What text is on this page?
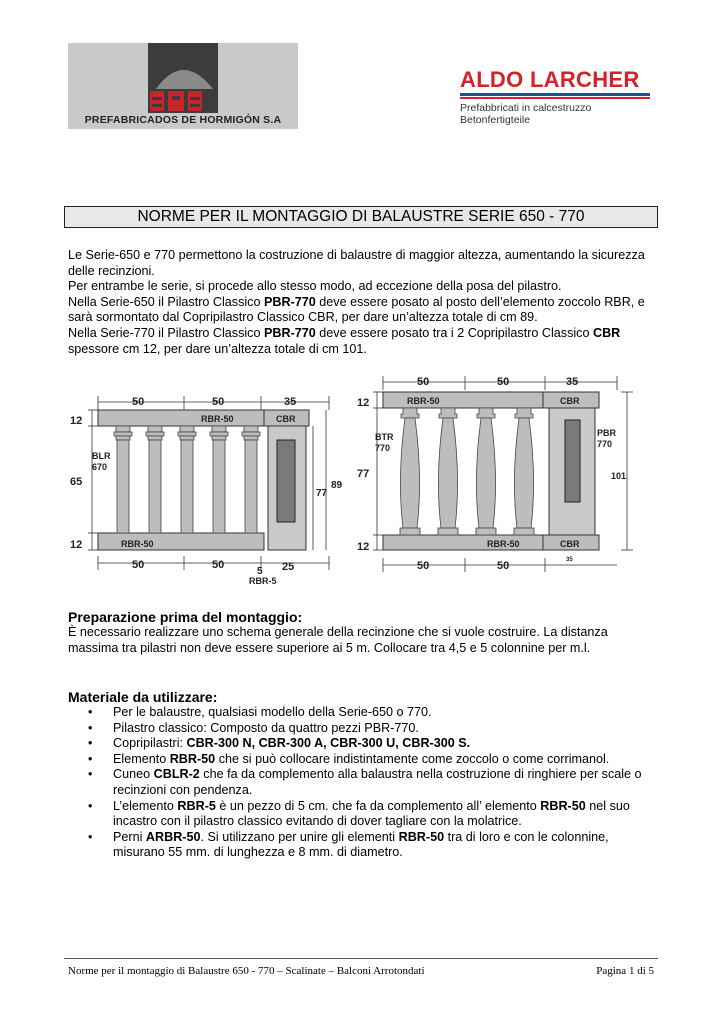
PREFABRICADOS DE HORMIGÓN S.A
ALDO LARCHER
Prefabbricati in calcestruzzo
Betonfertigteile
NORME PER IL MONTAGGIO DI BALAUSTRE SERIE 650 - 770
Le Serie-650 e 770 permettono la costruzione di balaustre di maggior altezza, aumentando la sicurezza delle recinzioni.
Per entrambe le serie, si procede allo stesso modo, ad eccezione della posa del pilastro.
Nella Serie-650 il Pilastro Classico PBR-770 deve essere posato al posto dell’elemento zoccolo RBR, e sarà sormontato dal Copripilastro Classico CBR, per dare un’altezza totale di cm 89.
Nella Serie-770 il Pilastro Classico PBR-770 deve essere posato tra i 2 Copripilastro Classico CBR spessore cm 12, per dare un’altezza totale di cm 101.
50	50	35
RBR-50	CBR
12
65
12
BLR
670
RBR-50
77
89
50	50	25
5
RBR-5
50	50	35
RBR-50	CBR
12
77
12
BTR
770
PBR
770
101
RBR-50	CBR
35
50	50
Preparazione prima del montaggio:
È necessario realizzare uno schema generale della recinzione che si vuole costruire. La distanza massima tra pilastri non deve essere superiore ai 5 m. Collocare tra 4,5 e 5 colonnine per m.l.
Materiale da utilizzare:
• Per le balaustre, qualsiasi modello della Serie-650 o 770.
• Pilastro classico: Composto da quattro pezzi PBR-770.
• Copripilastri: CBR-300 N, CBR-300 A, CBR-300 U, CBR-300 S.
• Elemento RBR-50 che si può collocare indistintamente come zoccolo o come corrimanol.
• Cuneo CBLR-2 che fa da complemento alla balaustra nella costruzione di ringhiere per scale o recinzioni con pendenza.
• L’elemento RBR-5 è un pezzo di 5 cm. che fa da complemento all’ elemento RBR-50 nel suo incastro con il pilastro classico evitando di dover tagliare con la molatrice.
• Perni ARBR-50. Si utilizzano per unire gli elementi RBR-50 tra di loro e con le colonnine, misurano 55 mm. di lunghezza e 8 mm. di diametro.
Norme per il montaggio di Balaustre 650 - 770 – Scalinate – Balconi Arrotondati	Pagina 1 di 5
